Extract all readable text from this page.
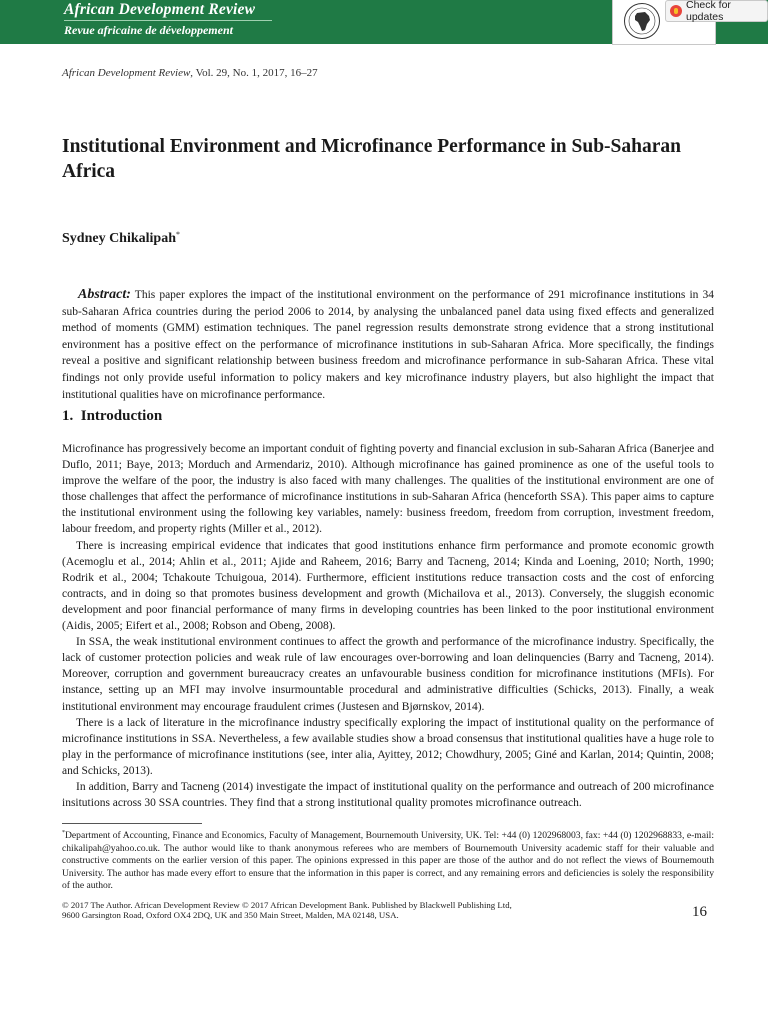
African Development Review
Revue africaine de développement
Check for updates
African Development Review, Vol. 29, No. 1, 2017, 16–27
Institutional Environment and Microfinance Performance in Sub-Saharan Africa
Sydney Chikalipah*

Abstract: This paper explores the impact of the institutional environment on the performance of 291 microfinance institutions in 34 sub-Saharan Africa countries during the period 2006 to 2014, by analysing the unbalanced panel data using fixed effects and generalized method of moments (GMM) estimation techniques. The panel regression results demonstrate strong evidence that a strong institutional environment has a positive effect on the performance of microfinance institutions in sub-Saharan Africa. More specifically, the findings reveal a positive and significant relationship between business freedom and microfinance performance in sub-Saharan Africa. These vital findings not only provide useful information to policy makers and key microfinance industry players, but also highlight the impact that institutional qualities have on microfinance performance.

1. Introduction

Microfinance has progressively become an important conduit of fighting poverty and financial exclusion in sub-Saharan Africa (Banerjee and Duflo, 2011; Baye, 2013; Morduch and Armendariz, 2010). Although microfinance has gained prominence as one of the useful tools to improve the welfare of the poor, the industry is also faced with many challenges. The qualities of the institutional environment are one of those challenges that affect the performance of microfinance institutions in sub-Saharan Africa (henceforth SSA). This paper aims to capture the institutional environment using the following key variables, namely: business freedom, freedom from corruption, investment freedom, labour freedom, and property rights (Miller et al., 2012).

There is increasing empirical evidence that indicates that good institutions enhance firm performance and promote economic growth (Acemoglu et al., 2014; Ahlin et al., 2011; Ajide and Raheem, 2016; Barry and Tacneng, 2014; Kinda and Loening, 2010; North, 1990; Rodrik et al., 2004; Tchakoute Tchuigoua, 2014). Furthermore, efficient institutions reduce transaction costs and the cost of enforcing contracts, and in doing so that promotes business development and growth (Michailova et al., 2013). Conversely, the sluggish economic development and poor financial performance of many firms in developing countries has been linked to the poor institutional environment (Aidis, 2005; Eifert et al., 2008; Robson and Obeng, 2008).

In SSA, the weak institutional environment continues to affect the growth and performance of the microfinance industry. Specifically, the lack of customer protection policies and weak rule of law encourages over-borrowing and loan delinquencies (Barry and Tacneng, 2014). Moreover, corruption and government bureaucracy creates an unfavourable business condition for microfinance institutions (MFIs). For instance, setting up an MFI may involve insurmountable procedural and administrative difficulties (Schicks, 2013). Finally, a weak institutional environment may encourage fraudulent crimes (Justesen and Bjørnskov, 2014).

There is a lack of literature in the microfinance industry specifically exploring the impact of institutional quality on the performance of microfinance institutions in SSA. Nevertheless, a few available studies show a broad consensus that institutional qualities have a huge role to play in the performance of microfinance institutions (see, inter alia, Ayittey, 2012; Chowdhury, 2005; Giné and Karlan, 2014; Quintin, 2008; and Schicks, 2013).

In addition, Barry and Tacneng (2014) investigate the impact of institutional quality on the performance and outreach of 200 microfinance insitutions across 30 SSA countries. They find that a strong institutional quality promotes microfinance outreach.

*Department of Accounting, Finance and Economics, Faculty of Management, Bournemouth University, UK. Tel: +44 (0) 1202968003, fax: +44 (0) 1202968833, e-mail: chikalipah@yahoo.co.uk. The author would like to thank anonymous referees who are members of Bournemouth University academic staff for their valuable and constructive comments on the earlier version of this paper. The opinions expressed in this paper are those of the author and do not reflect the views of Bournemouth University. The author has made every effort to ensure that the information in this paper is correct, and any remaining errors and deficiencies is solely the responsibility of the author.

© 2017 The Author. African Development Review © 2017 African Development Bank. Published by Blackwell Publishing Ltd,
9600 Garsington Road, Oxford OX4 2DQ, UK and 350 Main Street, Malden, MA 02148, USA.	16
